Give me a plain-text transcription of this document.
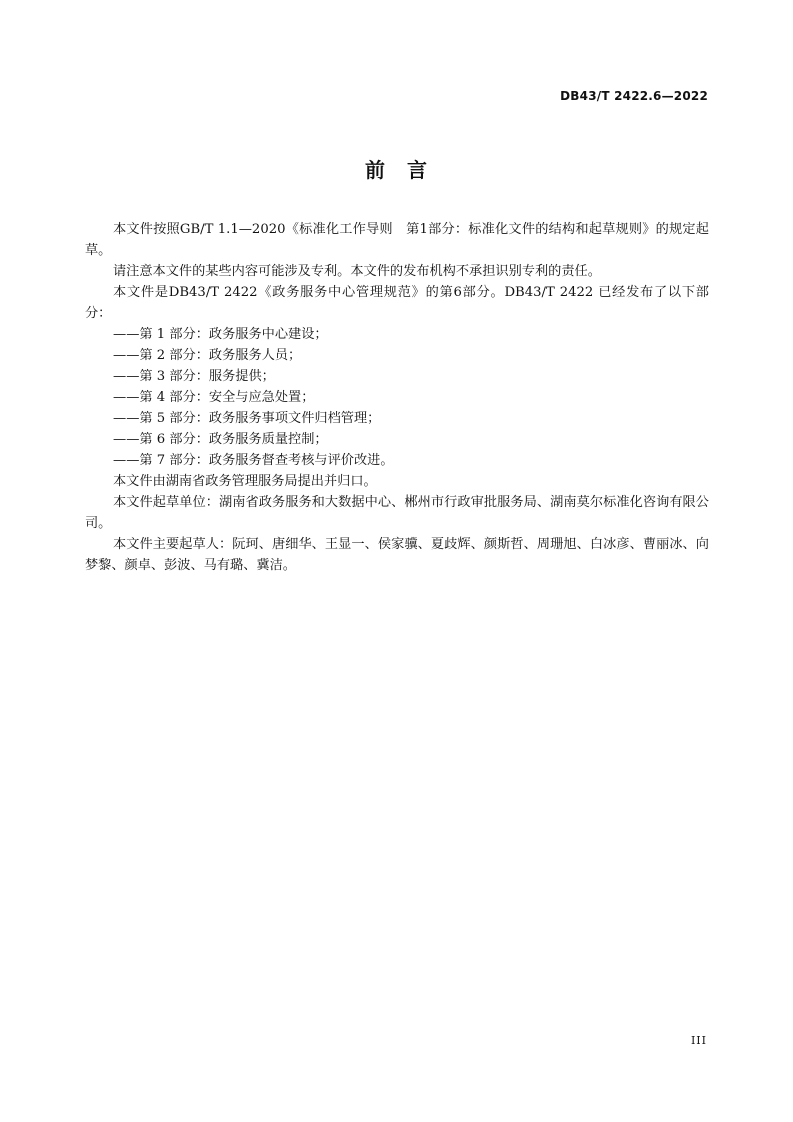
DB43/T 2422.6—2022
前　言

本文件按照GB/T 1.1—2020《标准化工作导则　第1部分：标准化文件的结构和起草规则》的规定起草。

请注意本文件的某些内容可能涉及专利。本文件的发布机构不承担识别专利的责任。

本文件是DB43/T 2422《政务服务中心管理规范》的第6部分。DB43/T 2422 已经发布了以下部分：

——第 1 部分：政务服务中心建设；

——第 2 部分：政务服务人员；

——第 3 部分：服务提供；

——第 4 部分：安全与应急处置；

——第 5 部分：政务服务事项文件归档管理；

——第 6 部分：政务服务质量控制；

——第 7 部分：政务服务督查考核与评价改进。

本文件由湖南省政务管理服务局提出并归口。

本文件起草单位：湖南省政务服务和大数据中心、郴州市行政审批服务局、湖南莫尔标准化咨询有限公司。

本文件主要起草人：阮珂、唐细华、王显一、侯家骥、夏歧辉、颜斯哲、周珊旭、白冰彦、曹丽冰、向梦黎、颜卓、彭波、马有璐、冀洁。

III
